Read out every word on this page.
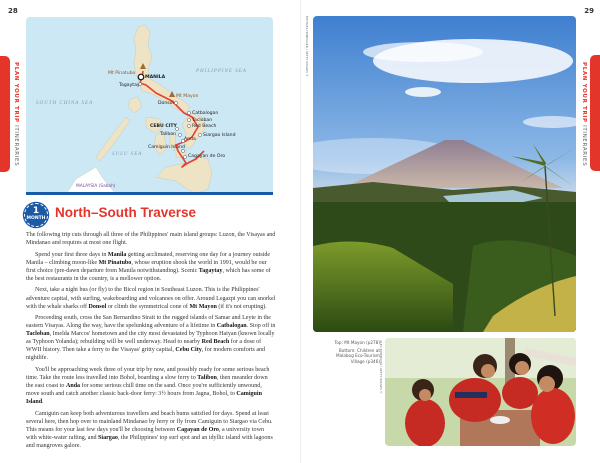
28
PLAN YOUR TRIP ITINERARIES
PHILIPPINE SEA
SOUTH CHINA SEA
SULU SEA
MALAYSIA (Sabah)
Mt Pinatubo
Mt Mayon
MANILA
Tagaytay
Donsol
Catbalogan
Tacloban
Red Beach
CEBU CITY
Talibon
Anda
Siargao Island
Camiguin Island
Cagayan de Oro
1
MONTH North–South Traverse

The following trip cuts through all three of the Philippines' main island groups: Luzon, the Visayas and Mindanao and requires at most one flight.

Spend your first three days in Manila getting acclimated, reserving one day for a journey outside Manila – climbing moon-like Mt Pinatubo, whose eruption shook the world in 1991, would be our first choice (pre-dawn departure from Manila notwithstanding). Scenic Tagaytay, which has some of the best restaurants in the country, is a mellower option.

Next, take a night bus (or fly) to the Bicol region in Southeast Luzon. This is the Philippines' adventure capital, with surfing, wakeboarding and volcanoes on offer. Around Legazpi you can snorkel with the whale sharks off Donsol or climb the symmetrical cone of Mt Mayon (if it's not erupting).

Proceeding south, cross the San Bernardino Strait to the rugged islands of Samar and Leyte in the eastern Visayas. Along the way, have the spelunking adventure of a lifetime in Catbalogan. Stop off in Tacloban, Imelda Marcos' hometown and the city most devastated by Typhoon Haiyan (known locally as Typhoon Yolanda); rebuilding will be well underway. Head to nearby Red Beach for a dose of WWII history. Then take a ferry to the Visayas' gritty capital, Cebu City, for modern comforts and nightlife.

You'll be approaching week three of your trip by now, and possibly ready for some serious beach time. Take the route less travelled into Bohol, boarding a slow ferry to Talibon, then meander down the east coast to Anda for some serious chill time on the sand. Once you're sufficiently unwound, move south and catch another classic back-door ferry: 3½ hours from Jagna, Bohol, to Camiguin Island.

Camiguin can keep both adventurous travellers and beach bums satisfied for days. Spend at least several here, then hop over to mainland Mindanao by ferry or fly from Camiguin to Siargao via Cebu. This means for your last few days you'll be choosing between Cagayan de Oro, a university town with white-water rafting, and Siargao, the Philippines' top surf spot and an idyllic island with lagoons and mangroves galore.

29
PLAN YOUR TRIP ITINERARIES
MICHAEL HONEGGER / GETTY IMAGES ©
Top: Mt Mayon (p278)
Bottom: Children at Malabog Eco-Tourism Village (p346) ALEX ROBINSON / GETTY IMAGES ©
